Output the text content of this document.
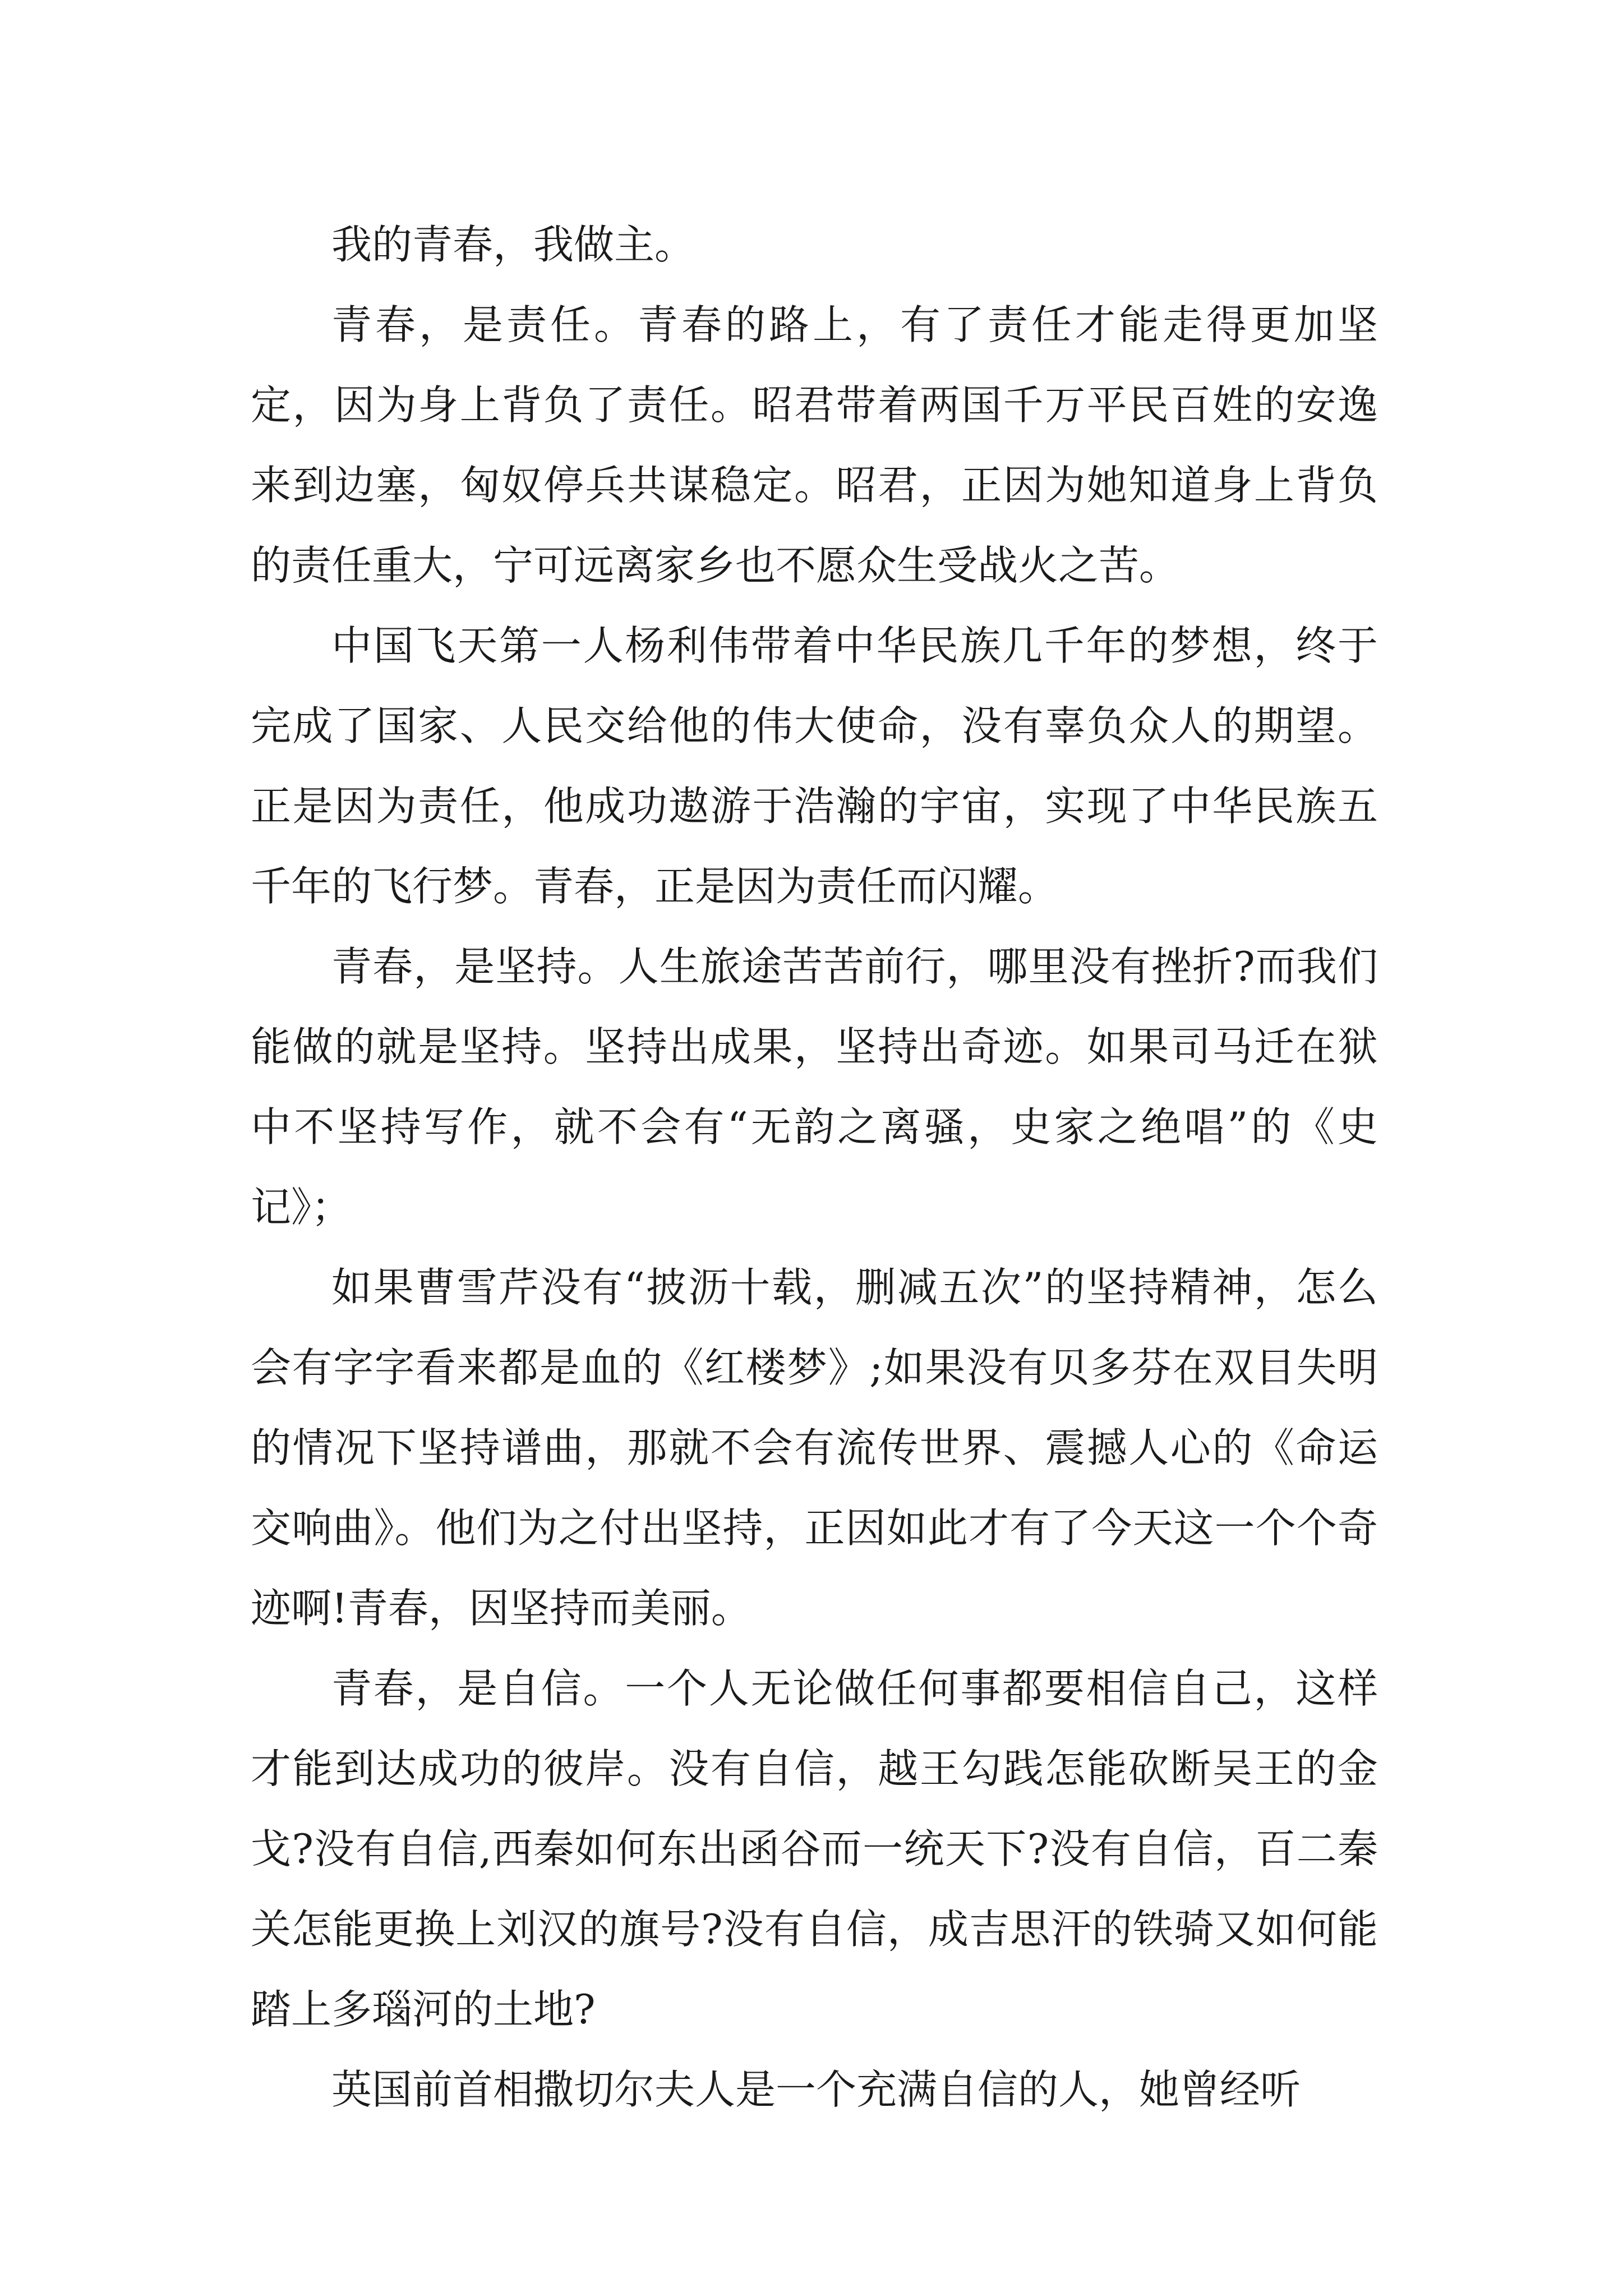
我的青春，我做主。

青春，是责任。青春的路上，有了责任才能走得更加坚定，因为身上背负了责任。昭君带着两国千万平民百姓的安逸来到边塞，匈奴停兵共谋稳定。昭君，正因为她知道身上背负的责任重大，宁可远离家乡也不愿众生受战火之苦。

中国飞天第一人杨利伟带着中华民族几千年的梦想，终于完成了国家、人民交给他的伟大使命，没有辜负众人的期望。正是因为责任，他成功遨游于浩瀚的宇宙，实现了中华民族五千年的飞行梦。青春，正是因为责任而闪耀。

青春，是坚持。人生旅途苦苦前行，哪里没有挫折?而我们能做的就是坚持。坚持出成果，坚持出奇迹。如果司马迁在狱中不坚持写作，就不会有“无韵之离骚，史家之绝唱”的《史记》；

如果曹雪芹没有“披沥十载，删减五次”的坚持精神，怎么会有字字看来都是血的《红楼梦》;如果没有贝多芬在双目失明的情况下坚持谱曲，那就不会有流传世界、震撼人心的《命运交响曲》。他们为之付出坚持，正因如此才有了今天这一个个奇迹啊!青春，因坚持而美丽。

青春，是自信。一个人无论做任何事都要相信自己，这样才能到达成功的彼岸。没有自信，越王勾践怎能砍断吴王的金戈?没有自信,西秦如何东出函谷而一统天下?没有自信，百二秦关怎能更换上刘汉的旗号?没有自信，成吉思汗的铁骑又如何能踏上多瑙河的土地?

英国前首相撒切尔夫人是一个充满自信的人，她曾经听
